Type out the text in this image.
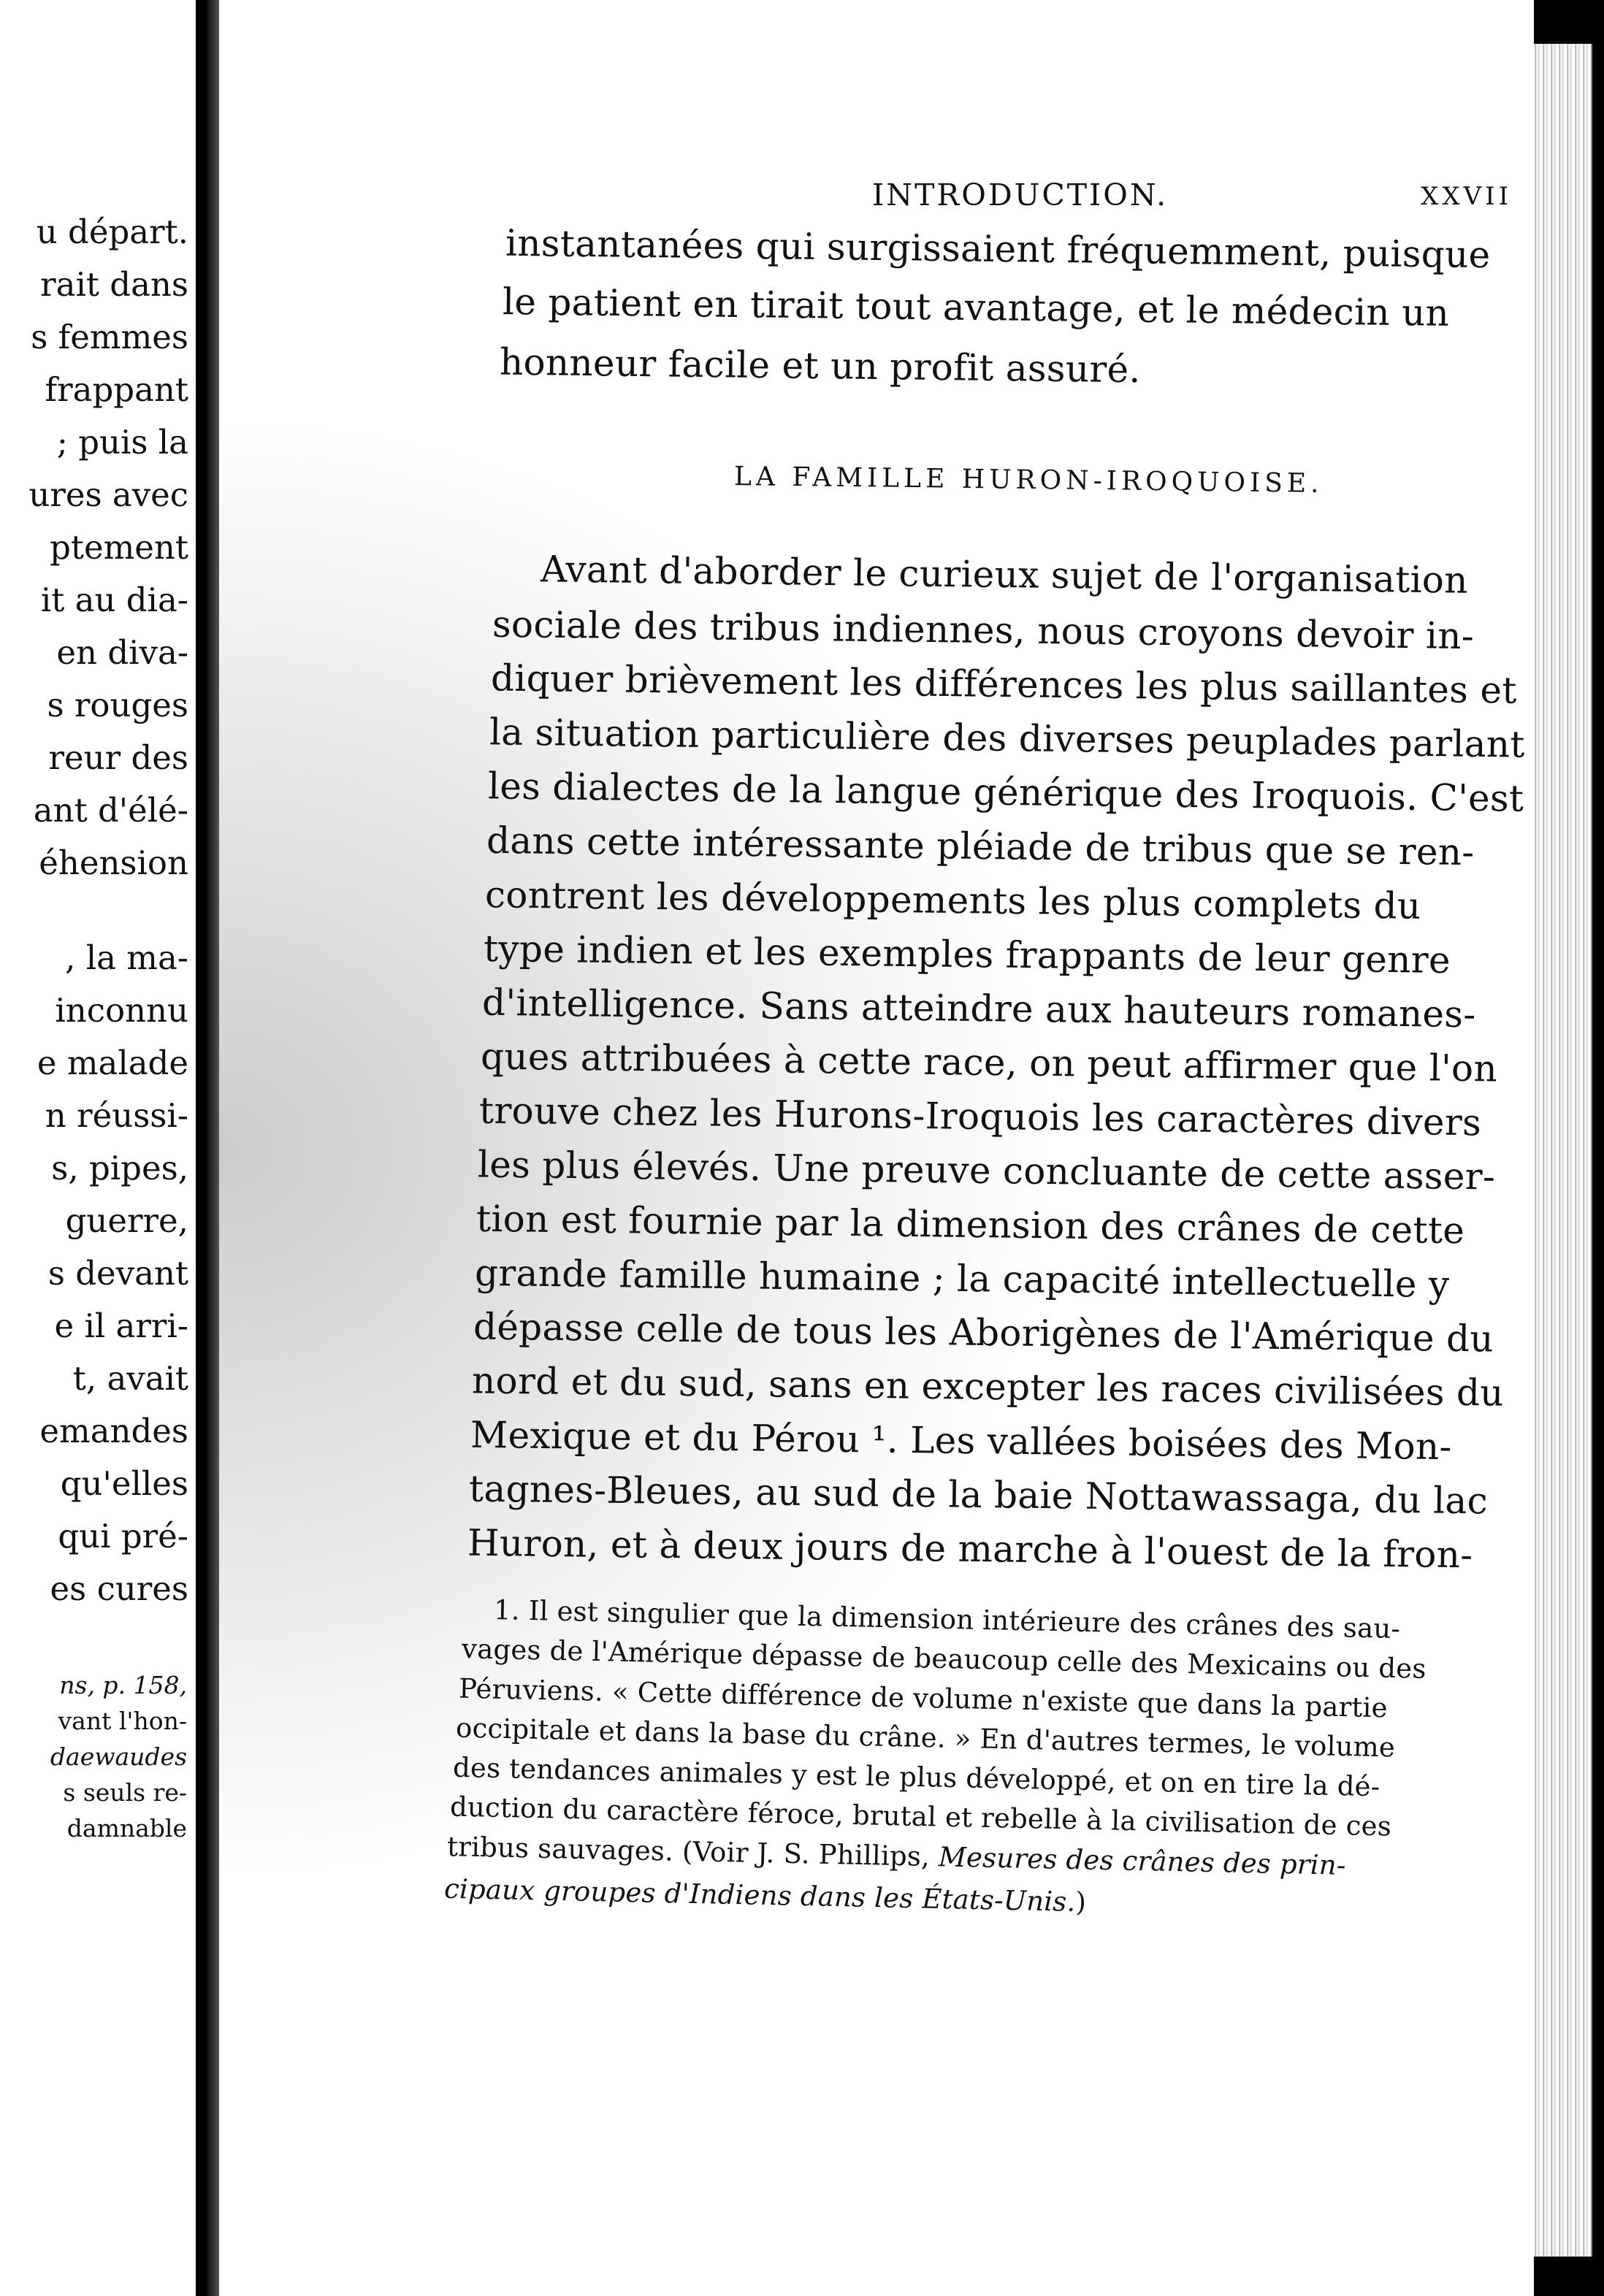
u départ.
rait dans
s femmes
frappant
; puis la
ures avec
ptement
it au dia-
en diva-
s rouges
reur des
ant d'élé-
éhension
, la ma-
inconnu
e malade
n réussi-
s, pipes,
guerre,
s devant
e il arri-
t, avait
emandes
qu'elles
qui pré-
es cures
ns, p. 158,
vant l'hon-
daewaudes
s seuls re-
damnable
INTRODUCTION.	XXVII
instantanées qui surgissaient fréquemment, puisque
le patient en tirait tout avantage, et le médecin un
honneur facile et un profit assuré.
LA FAMILLE HURON-IROQUOISE.
Avant d'aborder le curieux sujet de l'organisation
sociale des tribus indiennes, nous croyons devoir in-
diquer brièvement les différences les plus saillantes et
la situation particulière des diverses peuplades parlant
les dialectes de la langue générique des Iroquois. C'est
dans cette intéressante pléiade de tribus que se ren-
contrent les développements les plus complets du
type indien et les exemples frappants de leur genre
d'intelligence. Sans atteindre aux hauteurs romanes-
ques attribuées à cette race, on peut affirmer que l'on
trouve chez les Hurons-Iroquois les caractères divers
les plus élevés. Une preuve concluante de cette asser-
tion est fournie par la dimension des crânes de cette
grande famille humaine ; la capacité intellectuelle y
dépasse celle de tous les Aborigènes de l'Amérique du
nord et du sud, sans en excepter les races civilisées du
Mexique et du Pérou ¹. Les vallées boisées des Mon-
tagnes-Bleues, au sud de la baie Nottawassaga, du lac
Huron, et à deux jours de marche à l'ouest de la fron-
1. Il est singulier que la dimension intérieure des crânes des sau-
vages de l'Amérique dépasse de beaucoup celle des Mexicains ou des
Péruviens. « Cette différence de volume n'existe que dans la partie
occipitale et dans la base du crâne. » En d'autres termes, le volume
des tendances animales y est le plus développé, et on en tire la dé-
duction du caractère féroce, brutal et rebelle à la civilisation de ces
tribus sauvages. (Voir J. S. Phillips, Mesures des crânes des prin-
cipaux groupes d'Indiens dans les États-Unis.)
